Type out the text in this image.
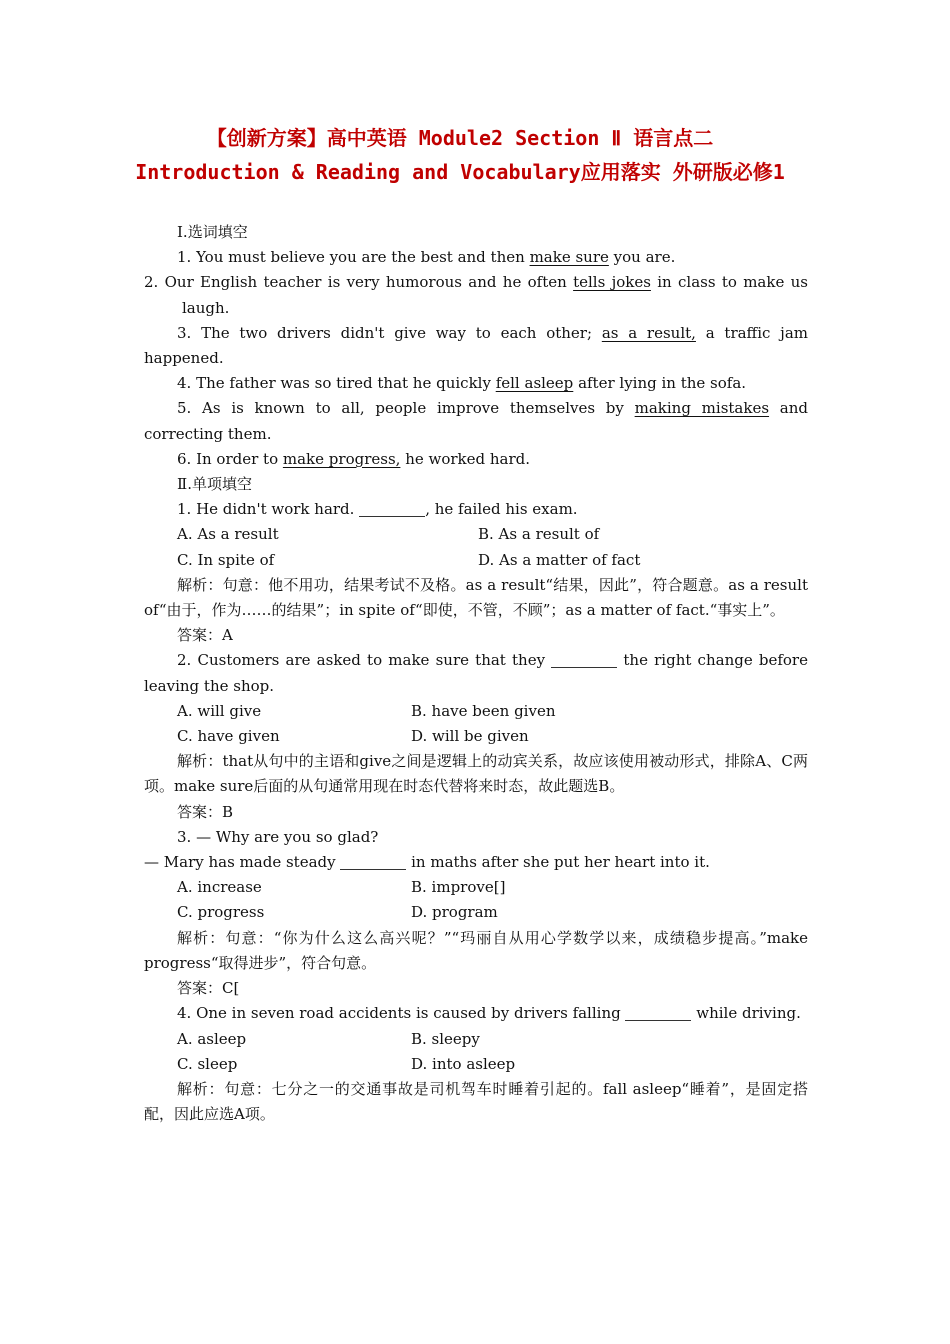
【创新方案】高中英语 Module2 Section Ⅱ 语言点二
Introduction & Reading and Vocabulary应用落实 外研版必修1

Ⅰ.选词填空

1. You must believe you are the best and then make sure you are.

2. Our English teacher is very humorous and he often tells jokes in class to make us laugh.

3. The two drivers didn't give way to each other; as a result, a traffic jam happened.

4. The father was so tired that he quickly fell asleep after lying in the sofa.

5. As is known to all, people improve themselves by making mistakes and correcting them.

6. In order to make progress, he worked hard.

Ⅱ.单项填空

1. He didn't work hard.	, he failed his exam.

A. As a result	B. As a result of
C. In spite of	D. As a matter of fact

解析：句意：他不用功，结果考试不及格。as a result“结果，因此”，符合题意。as a result of“由于，作为……的结果”；in spite of“即使，不管，不顾”；as a matter of fact.“事实上”。

答案：A

2. Customers are asked to make sure that they	the right change before leaving the shop.

A. will give	B. have been given
C. have given	D. will be given

解析：that从句中的主语和give之间是逻辑上的动宾关系，故应该使用被动形式，排除A、C两项。make sure后面的从句通常用现在时态代替将来时态，故此题选B。

答案：B

3. — Why are you so glad?

— Mary has made steady	in maths after she put her heart into it.

A. increase	B. improve[]
C. progress	D. program

解析：句意：“你为什么这么高兴呢？”“玛丽自从用心学数学以来，成绩稳步提高。”make progress“取得进步”，符合句意。

答案：C[

4. One in seven road accidents is caused by drivers falling	while driving.

A. asleep	B. sleepy
C. sleep	D. into asleep

解析：句意：七分之一的交通事故是司机驾车时睡着引起的。fall asleep“睡着”，是固定搭配，因此应选A项。
